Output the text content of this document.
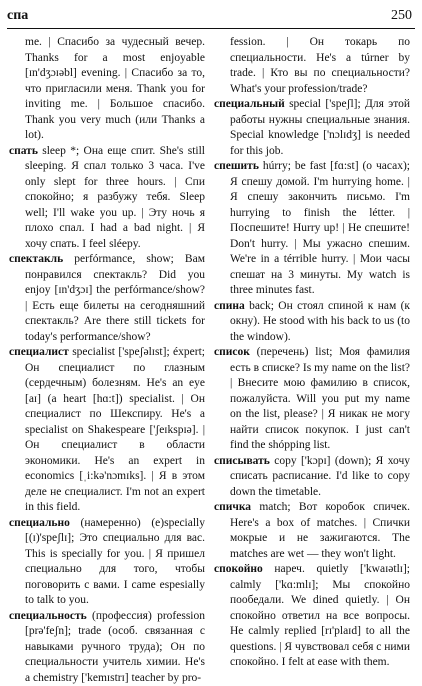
спа	250
me. | Спасибо за чудесный вечер. Thanks for a most enjoyable [ɪn'dʒɔɪəbl] evening. | Спасибо за то, что пригласили меня. Thank you for inviting me. | Большое спасибо. Thank you very much (или Thanks a lot).
спать sleep *; Она еще спит. She's still sleeping. Я спал только 3 часа. I've only slept for three hours. | Спи спокойно; я разбужу тебя. Sleep well; I'll wake you up. | Эту ночь я плохо спал. I had a bad night. | Я хочу спать. I feel sléepy.
спектакль perfórmance, show; Вам понравился спектакль? Did you enjoy [ɪn'dʒɔɪ] the perfórmance/show? | Есть еще билеты на сегодняшний спектакль? Are there still tickets for today's performance/show?
специалист specialist ['speʃəlɪst]; éxpert; Он специалист по глазным (сердечным) болезням. He's an eye [aɪ] (a heart [hɑ:t]) specialist. | Он специалист по Шекспиру. He's a specialist on Shakespeare ['ʃeɪkspɪə]. | Он специалист в области экономики. He's an expert in economics [ˌi:kə'nɔmɪks]. | Я в этом деле не специалист. I'm not an expert in this field.
специально (намеренно) (e)specially [(ɪ)'speʃlɪ]; Это специально для вас. This is specially for you. | Я пришел специально для того, чтобы поговорить с вами. I came espesially to talk to you.
специальность (профессия) profession [prə'feʃn]; trade (особ. связанная с навыками ручного труда); Он по специальности учитель химии. He's a chemistry ['kemɪstrɪ] teacher by pro-
fession. | Он токарь по специальности. He's a túrner by trade. | Кто вы по специальности? What's your profession/trade?
специальный special ['speʃl]; Для этой работы нужны специальные знания. Special knowledge ['nɔlɪdʒ] is needed for this job.
спешить húrry; be fast [fɑ:st] (о часах); Я спешу домой. I'm hurrying home. | Я спешу закончить письмо. I'm hurrying to finish the létter. | Поспешите! Hurry up! | Не спешите! Don't hurry. | Мы ужасно спешим. We're in a térrible hurry. | Мои часы спешат на 3 минуты. My watch is three minutes fast.
спина back; Он стоял спиной к нам (к окну). He stood with his back to us (to the window).
список (перечень) list; Моя фамилия есть в списке? Is my name on the list? | Внесите мою фамилию в список, пожалуйста. Will you put my name on the list, please? | Я никак не могу найти список покупок. I just can't find the shópping list.
списывать copy ['kɔpɪ] (down); Я хочу списать расписание. I'd like to copy down the timetable.
спичка match; Вот коробок спичек. Here's a box of matches. | Спички мокрые и не зажигаются. The matches are wet — they won't light.
спокойно нареч. quietly ['kwaɪətlɪ]; calmly ['kɑ:mlɪ]; Мы спокойно пообедали. We dined quietly. | Он спокойно ответил на все вопросы. He calmly replied [rɪ'plaɪd] to all the questions. | Я чувствовал себя с ними спокойно. I felt at ease with them.
